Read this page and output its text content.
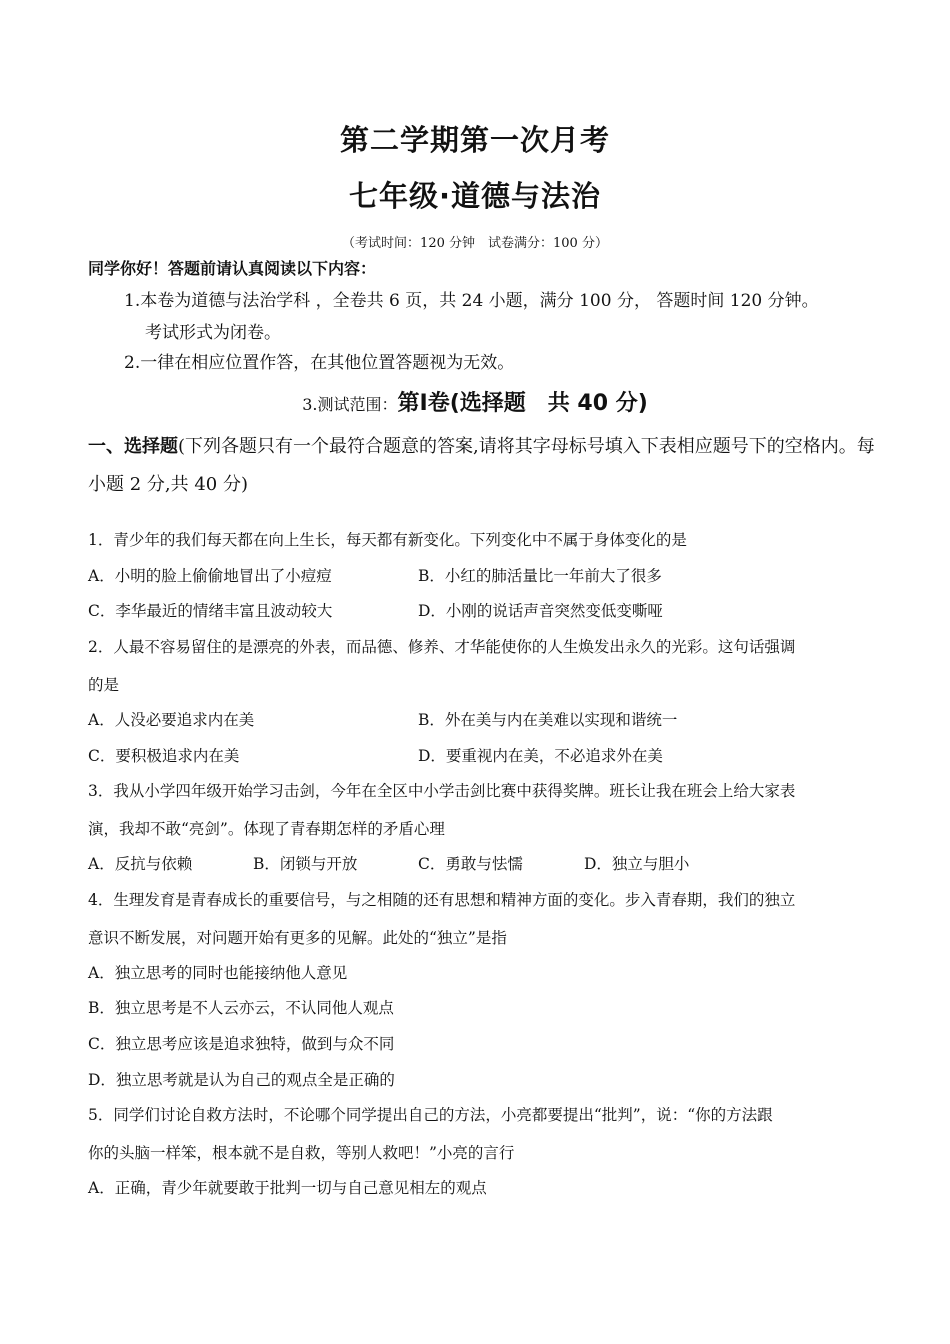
第二学期第一次月考
七年级·道德与法治
（考试时间：120 分钟　试卷满分：100 分）
同学你好！答题前请认真阅读以下内容：
1.本卷为道德与法治学科 ，全卷共 6 页，共 24 小题，满分 100 分， 答题时间 120 分钟。
考试形式为闭卷。
2.一律在相应位置作答，在其他位置答题视为无效。
3.测试范围：第Ⅰ卷(选择题　共 40 分)
一、选择题(下列各题只有一个最符合题意的答案,请将其字母标号填入下表相应题号下的空格内。每小题 2 分,共 40 分)
1．青少年的我们每天都在向上生长，每天都有新变化。下列变化中不属于身体变化的是
A．小明的脸上偷偷地冒出了小痘痘	B．小红的肺活量比一年前大了很多
C．李华最近的情绪丰富且波动较大	D．小刚的说话声音突然变低变嘶哑
2．人最不容易留住的是漂亮的外表，而品德、修养、才华能使你的人生焕发出永久的光彩。这句话强调
的是
A．人没必要追求内在美	B．外在美与内在美难以实现和谐统一
C．要积极追求内在美	D．要重视内在美，不必追求外在美
3．我从小学四年级开始学习击剑，今年在全区中小学击剑比赛中获得奖牌。班长让我在班会上给大家表
演，我却不敢“亮剑”。体现了青春期怎样的矛盾心理
A．反抗与依赖	B．闭锁与开放	C．勇敢与怯懦	D．独立与胆小
4．生理发育是青春成长的重要信号，与之相随的还有思想和精神方面的变化。步入青春期，我们的独立
意识不断发展，对问题开始有更多的见解。此处的“独立”是指
A．独立思考的同时也能接纳他人意见
B．独立思考是不人云亦云，不认同他人观点
C．独立思考应该是追求独特，做到与众不同
D．独立思考就是认为自己的观点全是正确的
5．同学们讨论自救方法时，不论哪个同学提出自己的方法，小亮都要提出“批判”，说：“你的方法跟
你的头脑一样笨，根本就不是自救，等别人救吧！”小亮的言行
A．正确，青少年就要敢于批判一切与自己意见相左的观点
